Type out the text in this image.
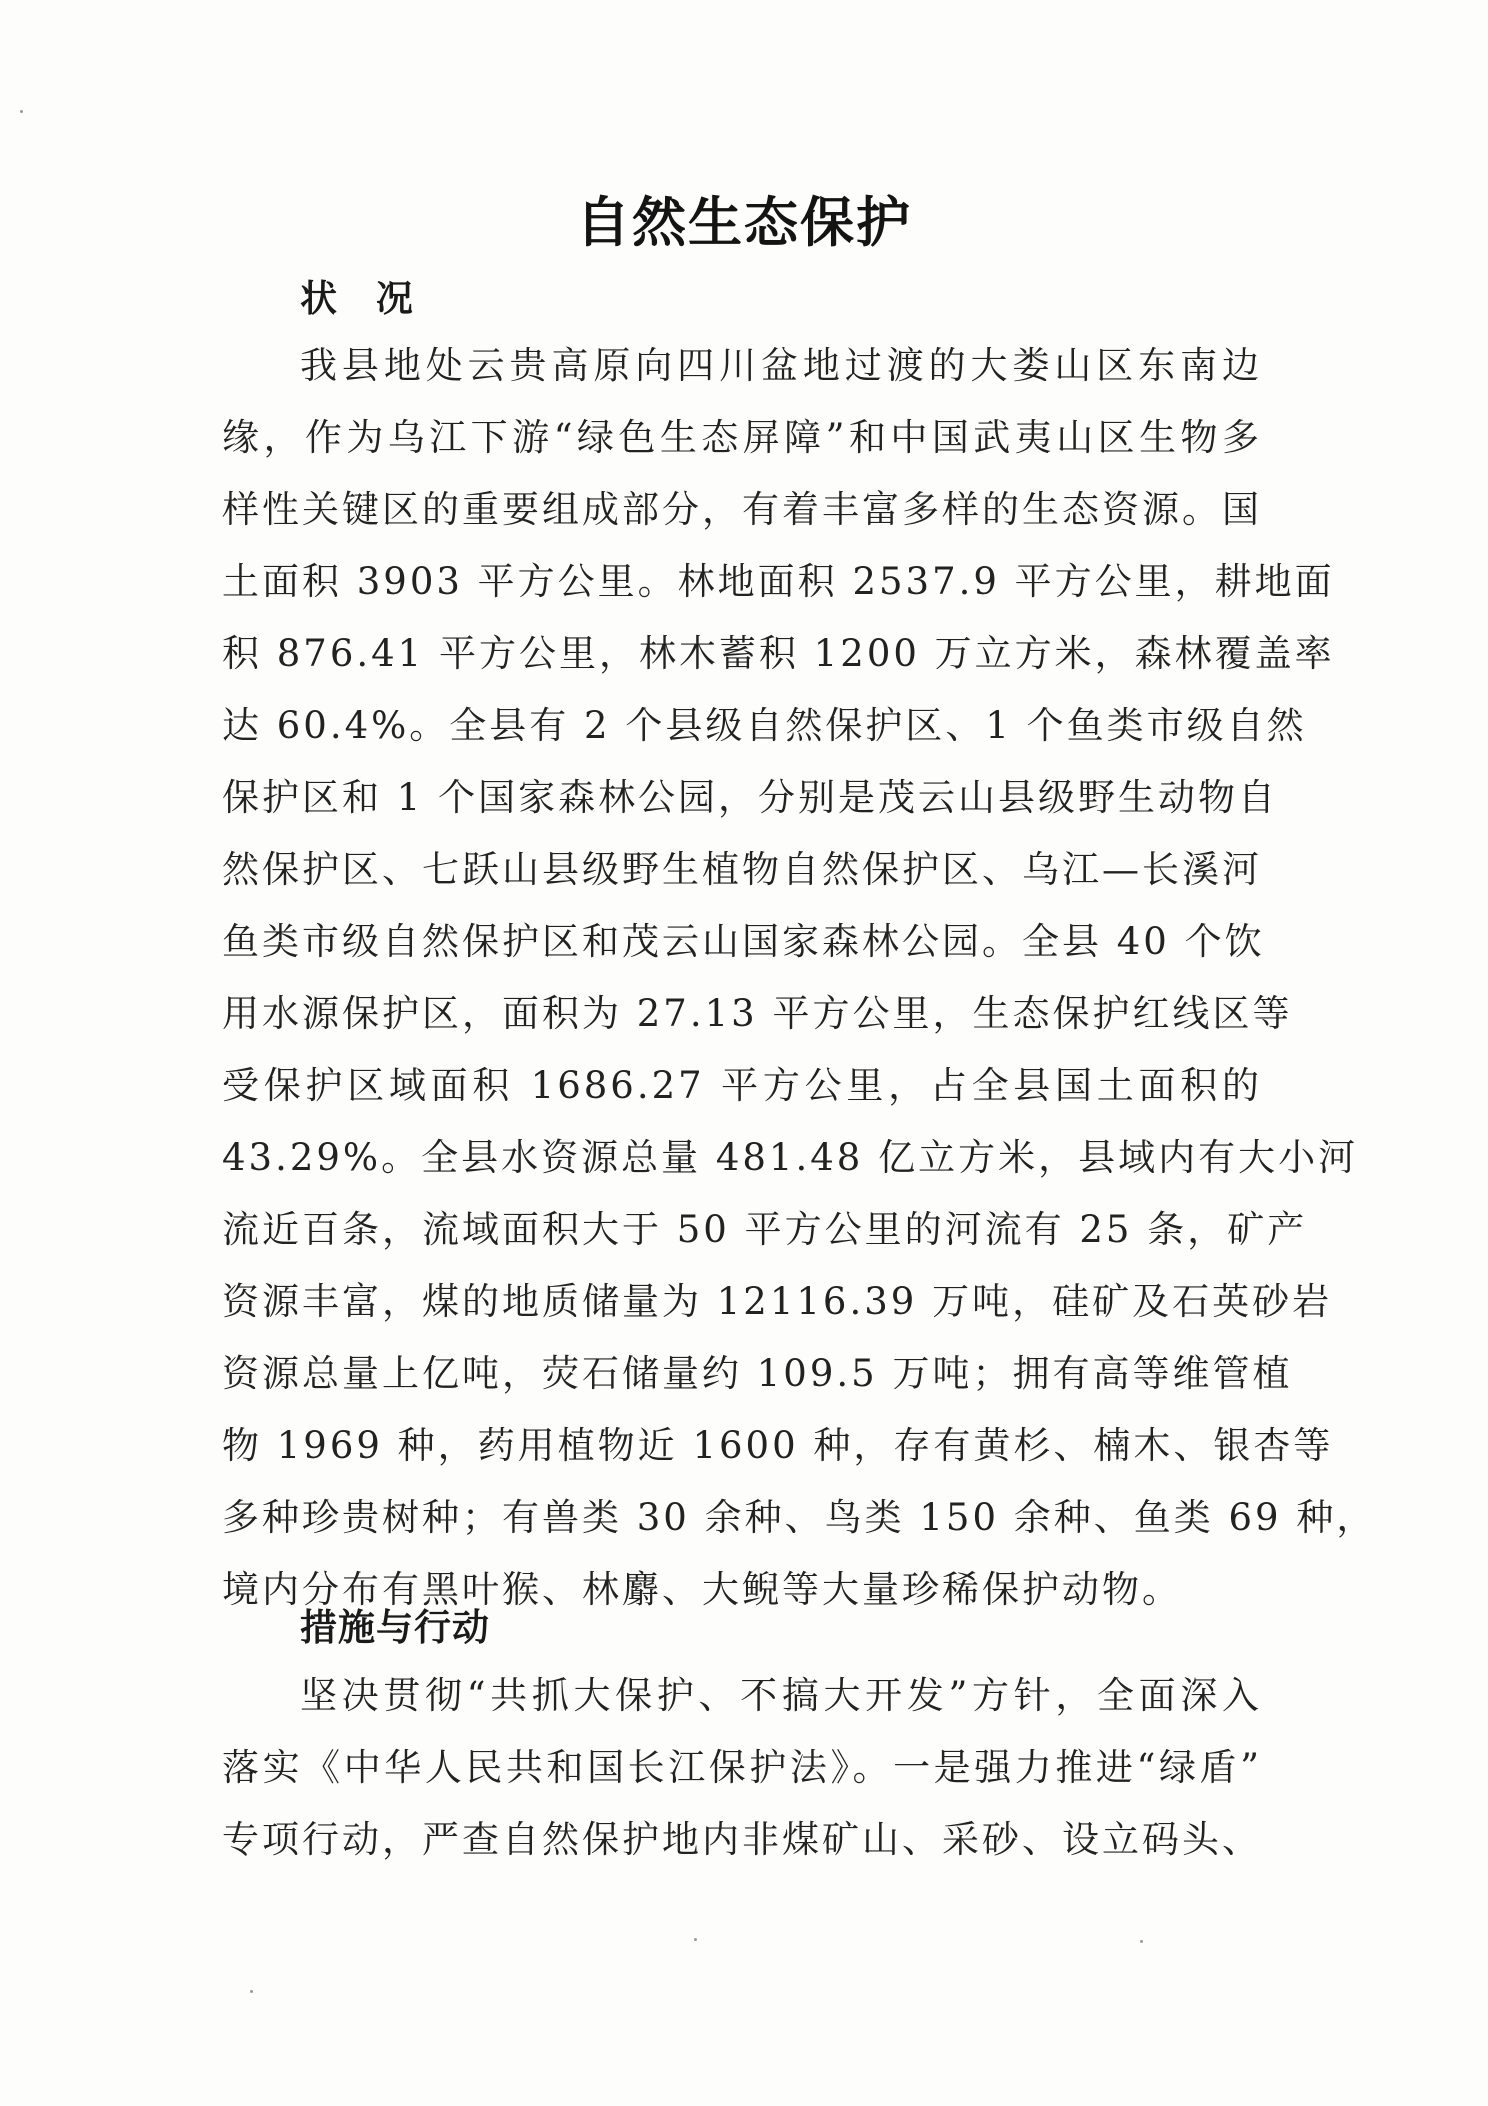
自然生态保护
状 况
我县地处云贵高原向四川盆地过渡的大娄山区东南边
缘，作为乌江下游“绿色生态屏障”和中国武夷山区生物多
样性关键区的重要组成部分，有着丰富多样的生态资源。国
土面积 3903 平方公里。林地面积 2537.9 平方公里，耕地面
积 876.41 平方公里，林木蓄积 1200 万立方米，森林覆盖率
达 60.4%。全县有 2 个县级自然保护区、1 个鱼类市级自然
保护区和 1 个国家森林公园，分别是茂云山县级野生动物自
然保护区、七跃山县级野生植物自然保护区、乌江—长溪河
鱼类市级自然保护区和茂云山国家森林公园。全县 40 个饮
用水源保护区，面积为 27.13 平方公里，生态保护红线区等
受保护区域面积 1686.27 平方公里，占全县国土面积的
43.29%。全县水资源总量 481.48 亿立方米，县域内有大小河
流近百条，流域面积大于 50 平方公里的河流有 25 条，矿产
资源丰富，煤的地质储量为 12116.39 万吨，硅矿及石英砂岩
资源总量上亿吨，荧石储量约 109.5 万吨；拥有高等维管植
物 1969 种，药用植物近 1600 种，存有黄杉、楠木、银杏等
多种珍贵树种；有兽类 30 余种、鸟类 150 余种、鱼类 69 种，
境内分布有黑叶猴、林麝、大鲵等大量珍稀保护动物。
措施与行动
坚决贯彻“共抓大保护、不搞大开发”方针，全面深入
落实《中华人民共和国长江保护法》。一是强力推进“绿盾”
专项行动，严查自然保护地内非煤矿山、采砂、设立码头、
